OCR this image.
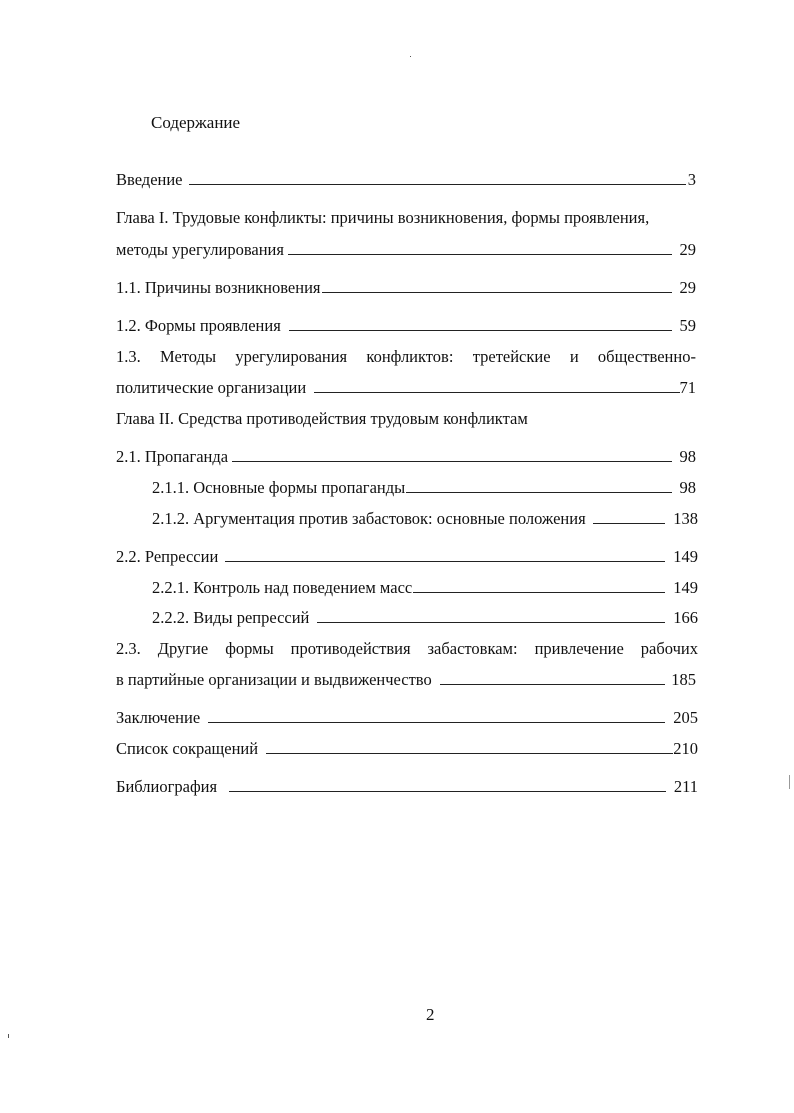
Содержание
Введение	3
Глава I. Трудовые конфликты: причины возникновения, формы проявления,
методы урегулирования	29
1.1. Причины возникновения	29
1.2. Формы проявления	59
1.3. Методы урегулирования конфликтов: третейские и общественно-
политические организации	71
Глава II. Средства противодействия трудовым конфликтам
2.1. Пропаганда	98
2.1.1. Основные формы пропаганды	98
2.1.2. Аргументация против забастовок: основные положения	138
2.2. Репрессии	149
2.2.1. Контроль над поведением масс	149
2.2.2. Виды репрессий	166
2.3. Другие формы противодействия забастовкам: привлечение рабочих
в партийные организации и выдвиженчество	185
Заключение	205
Список сокращений	210
Библиография	211
2
